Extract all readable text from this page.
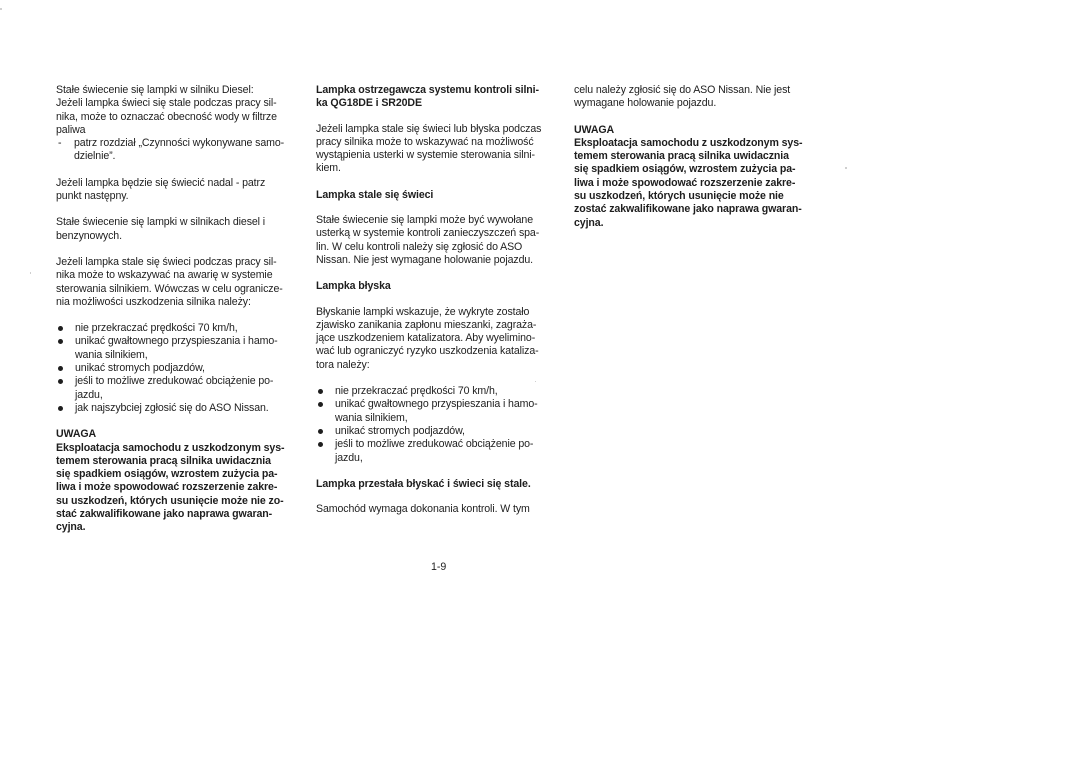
Stałe świecenie się lampki w silniku Diesel:
Jeżeli lampka świeci się stale podczas pracy sil-
nika, może to oznaczać obecność wody w filtrze
paliwa

- patrz rozdział „Czynności wykonywane samo-
dzielnie”.

Jeżeli lampka będzie się świecić nadal - patrz
punkt następny.

Stałe świecenie się lampki w silnikach diesel i
benzynowych.

Jeżeli lampka stale się świeci podczas pracy sil-
nika może to wskazywać na awarię w systemie
sterowania silnikiem. Wówczas w celu ogranicze-
nia możliwości uszkodzenia silnika należy:

nie przekraczać prędkości 70 km/h,
unikać gwałtownego przyspieszania i hamo-
wania silnikiem,
unikać stromych podjazdów,
jeśli to możliwe zredukować obciążenie po-
jazdu,
jak najszybciej zgłosić się do ASO Nissan.
UWAGA
Eksploatacja samochodu z uszkodzonym sys-
temem sterowania pracą silnika uwidacznia
się spadkiem osiągów, wzrostem zużycia pa-
liwa i może spowodować rozszerzenie zakre-
su uszkodzeń, których usunięcie może nie zo-
stać zakwalifikowane jako naprawa gwaran-
cyjna.
Lampka ostrzegawcza systemu kontroli silni-
ka QG18DE i SR20DE

Jeżeli lampka stale się świeci lub błyska podczas
pracy silnika może to wskazywać na możliwość
wystąpienia usterki w systemie sterowania silni-
kiem.

Lampka stale się świeci

Stałe świecenie się lampki może być wywołane
usterką w systemie kontroli zanieczyszczeń spa-
lin. W celu kontroli należy się zgłosić do ASO
Nissan. Nie jest wymagane holowanie pojazdu.

Lampka błyska

Błyskanie lampki wskazuje, że wykryte zostało
zjawisko zanikania zapłonu mieszanki, zagraża-
jące uszkodzeniem katalizatora. Aby wyelimino-
wać lub ograniczyć ryzyko uszkodzenia kataliza-
tora należy:

nie przekraczać prędkości 70 km/h,
unikać gwałtownego przyspieszania i hamo-
wania silnikiem,
unikać stromych podjazdów,
jeśli to możliwe zredukować obciążenie po-
jazdu,
Lampka przestała błyskać i świeci się stale.

Samochód wymaga dokonania kontroli. W tym

celu należy zgłosić się do ASO Nissan. Nie jest
wymagane holowanie pojazdu.

UWAGA
Eksploatacja samochodu z uszkodzonym sys-
temem sterowania pracą silnika uwidacznia
się spadkiem osiągów, wzrostem zużycia pa-
liwa i może spowodować rozszerzenie zakre-
su uszkodzeń, których usunięcie może nie
zostać zakwalifikowane jako naprawa gwaran-
cyjna.
1-9
